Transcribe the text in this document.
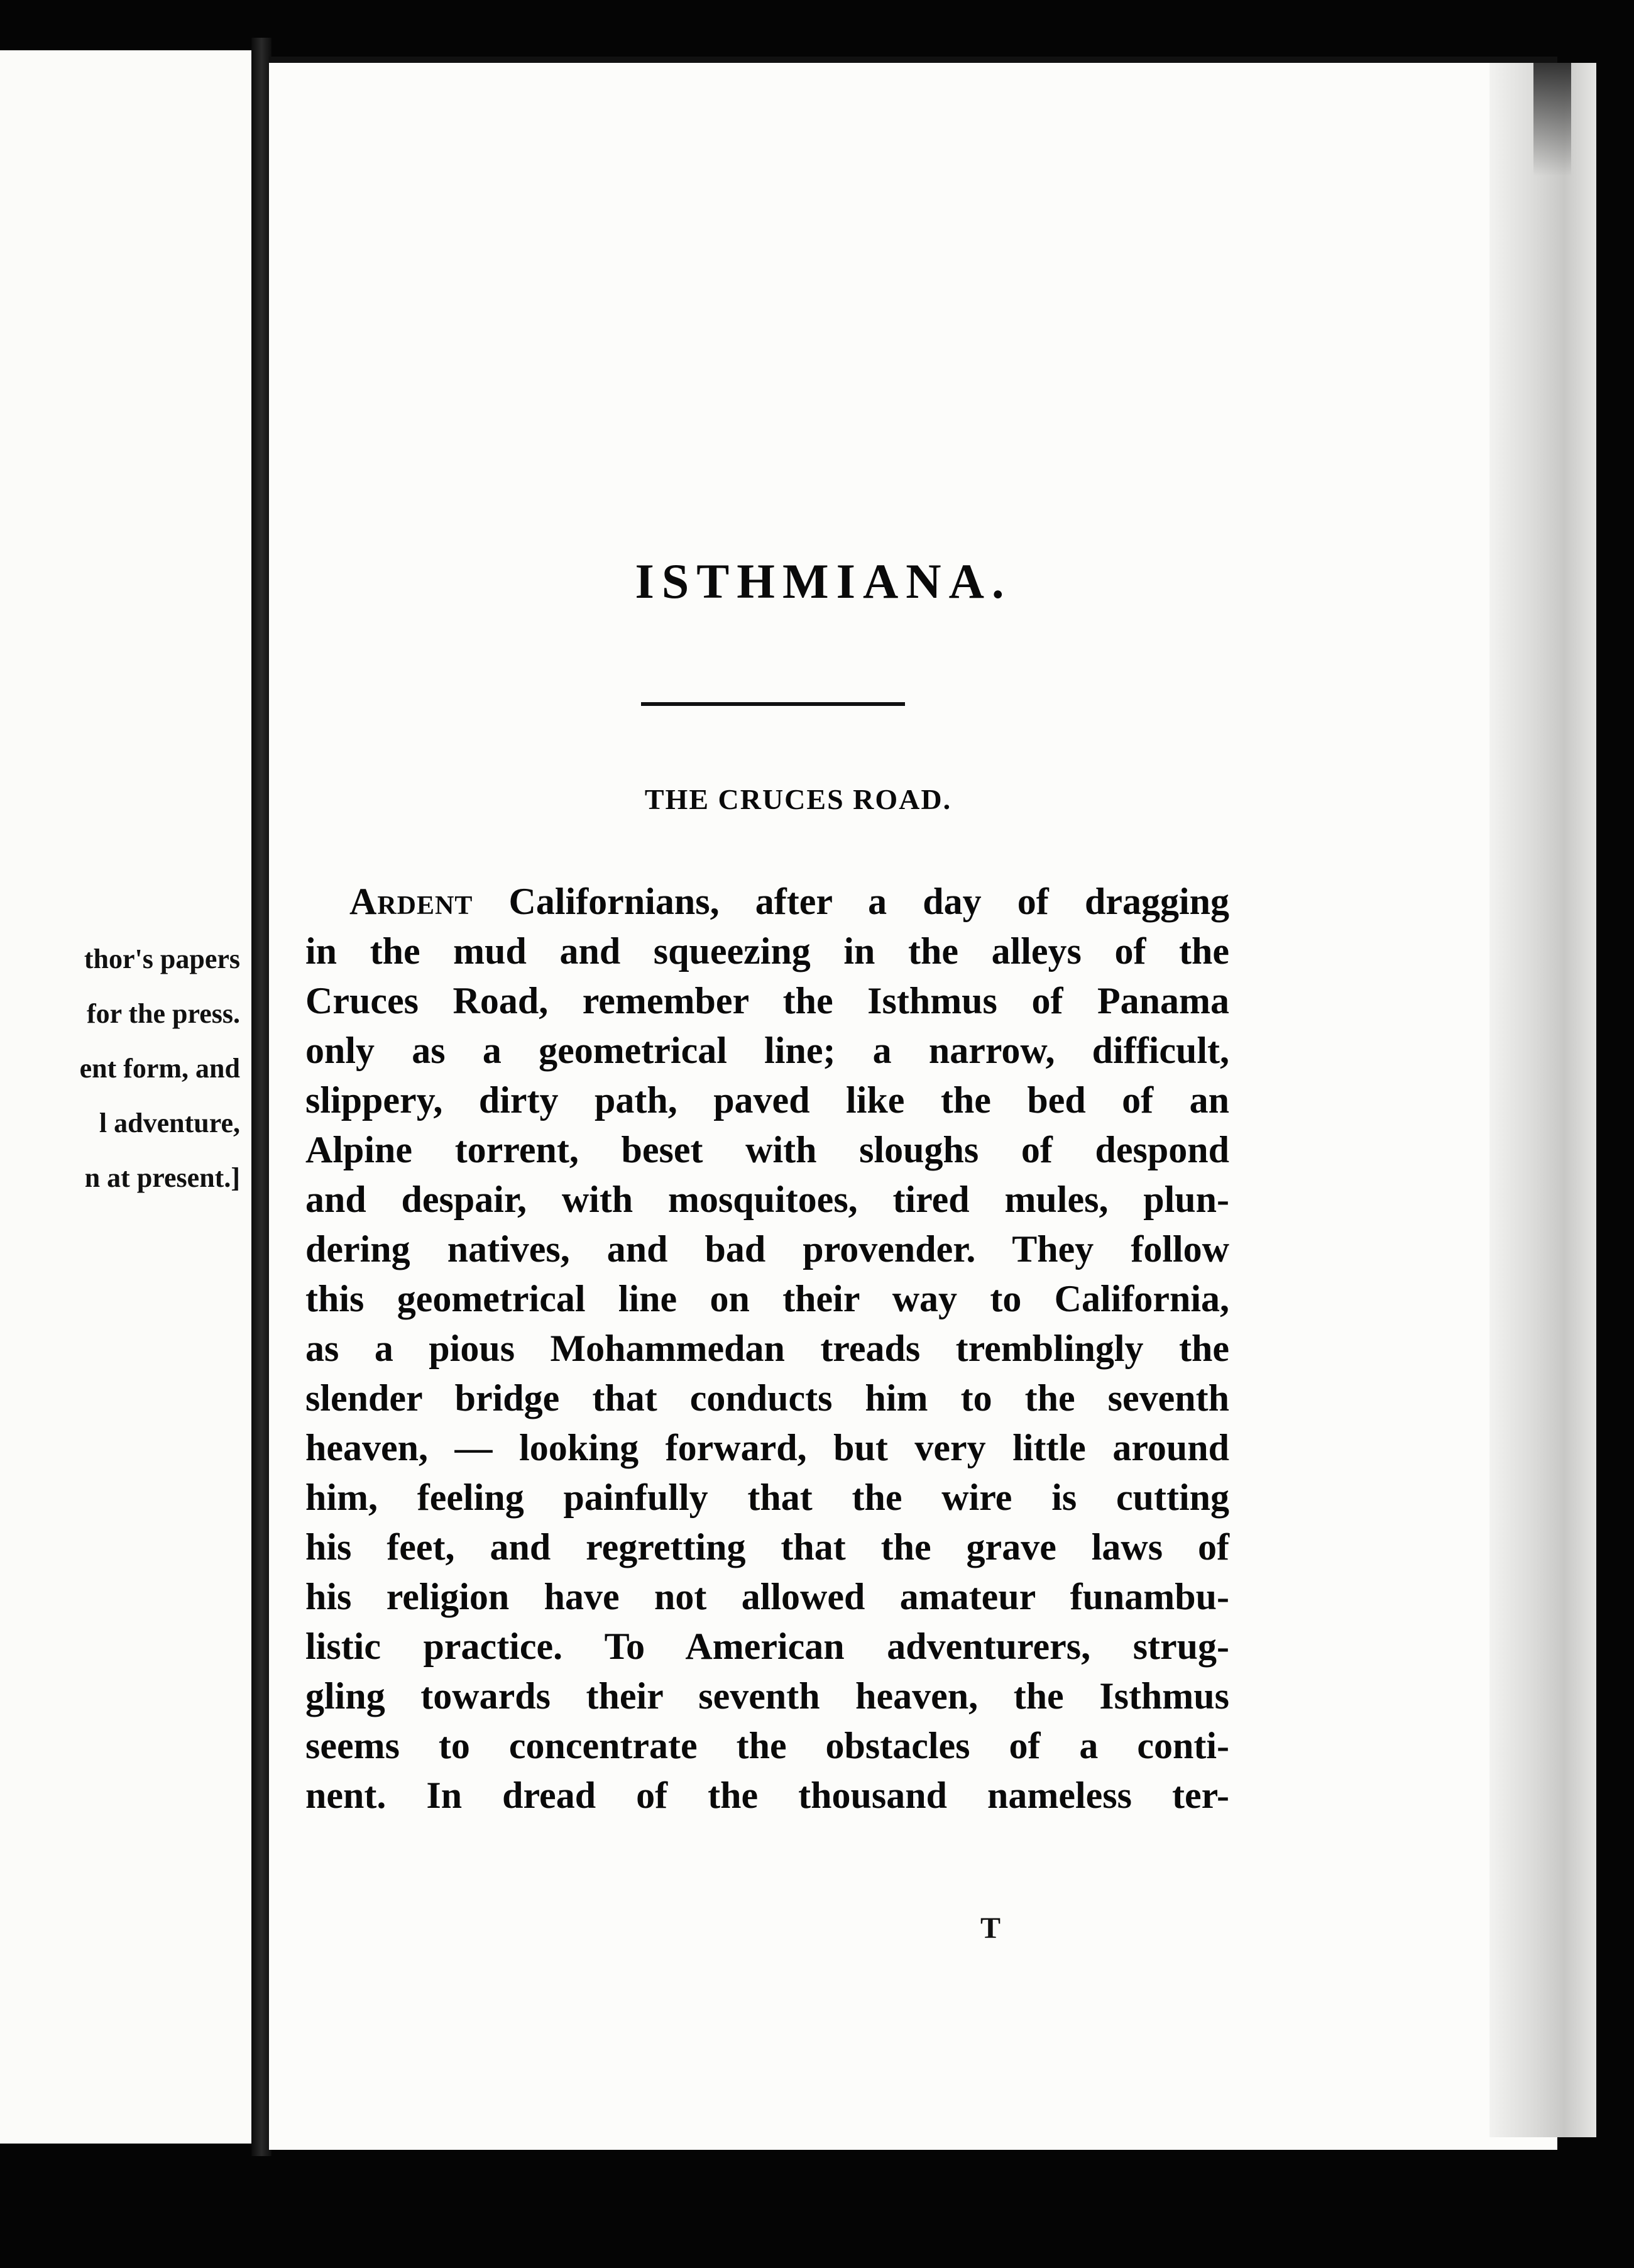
thor's papers
for the press.
ent form, and
l adventure,
n at present.]
ISTHMIANA.
THE CRUCES ROAD.
Ardent Californians, after a day of dragging
in the mud and squeezing in the alleys of the
Cruces Road, remember the Isthmus of Panama
only as a geometrical line; a narrow, difficult,
slippery, dirty path, paved like the bed of an
Alpine torrent, beset with sloughs of despond
and despair, with mosquitoes, tired mules, plun-
dering natives, and bad provender. They follow
this geometrical line on their way to California,
as a pious Mohammedan treads tremblingly the
slender bridge that conducts him to the seventh
heaven, — looking forward, but very little around
him, feeling painfully that the wire is cutting
his feet, and regretting that the grave laws of
his religion have not allowed amateur funambu-
listic practice. To American adventurers, strug-
gling towards their seventh heaven, the Isthmus
seems to concentrate the obstacles of a conti-
nent. In dread of the thousand nameless ter-
T
